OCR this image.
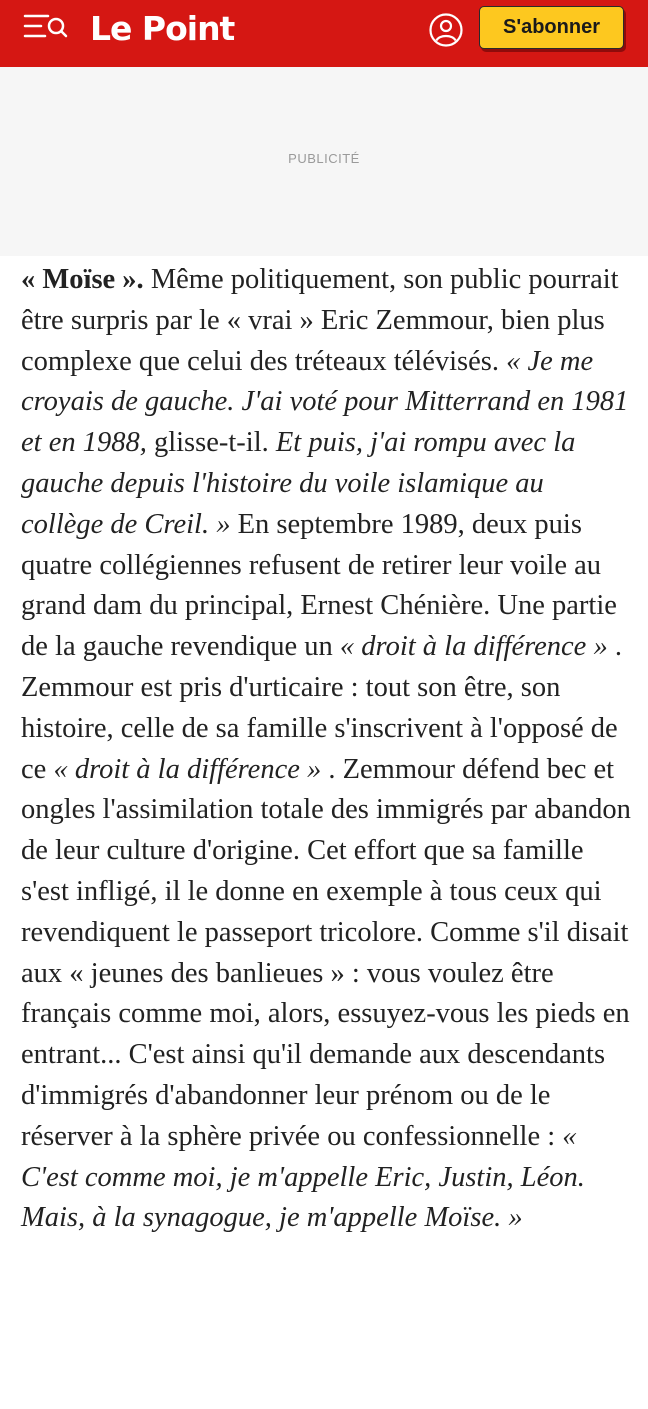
Le Point	S'abonner
PUBLICITÉ

« Moïse ». Même politiquement, son public pourrait être surpris par le « vrai » Eric Zemmour, bien plus complexe que celui des tréteaux télévisés. « Je me croyais de gauche. J'ai voté pour Mitterrand en 1981 et en 1988, glisse-t-il. Et puis, j'ai rompu avec la gauche depuis l'histoire du voile islamique au collège de Creil. » En septembre 1989, deux puis quatre collégiennes refusent de retirer leur voile au grand dam du principal, Ernest Chénière. Une partie de la gauche revendique un « droit à la différence » . Zemmour est pris d'urticaire : tout son être, son histoire, celle de sa famille s'inscrivent à l'opposé de ce « droit à la différence » . Zemmour défend bec et ongles l'assimilation totale des immigrés par abandon de leur culture d'origine. Cet effort que sa famille s'est infligé, il le donne en exemple à tous ceux qui revendiquent le passeport tricolore. Comme s'il disait aux « jeunes des banlieues » : vous voulez être français comme moi, alors, essuyez-vous les pieds en entrant... C'est ainsi qu'il demande aux descendants d'immigrés d'abandonner leur prénom ou de le réserver à la sphère privée ou confessionnelle : « C'est comme moi, je m'appelle Eric, Justin, Léon. Mais, à la synagogue, je m'appelle Moïse. »
